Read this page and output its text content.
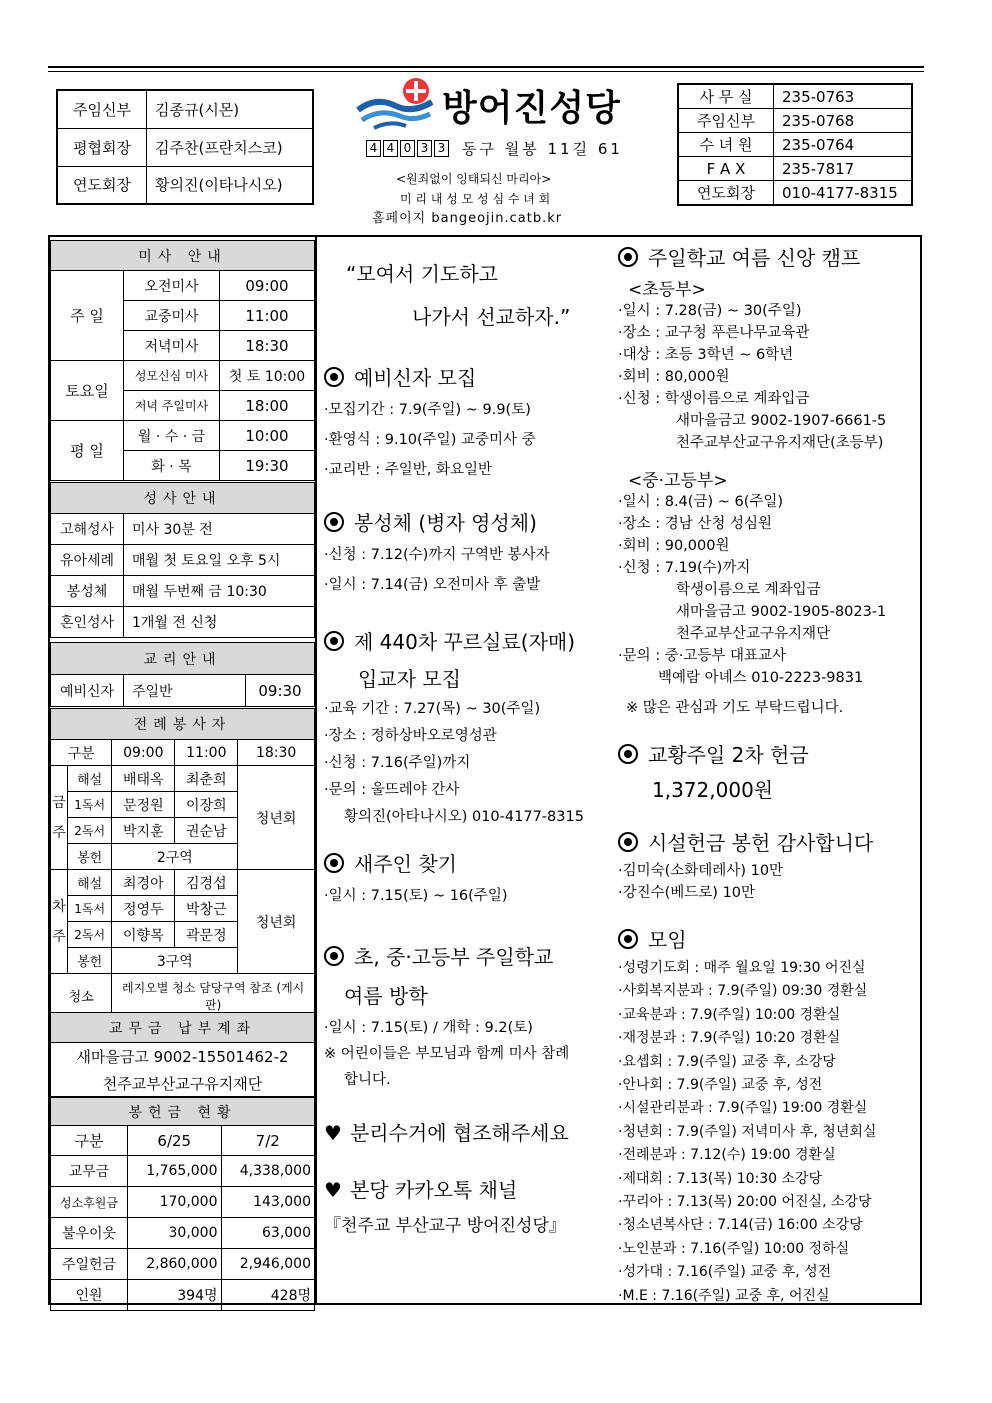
주임신부	김종규(시몬)
평협회장	김주찬(프란치스코)
연도회장	황의진(이타나시오)
방어진성당
4 4 0 3 3 동구 월봉 11길 61
<원죄없이 잉태되신 마리아>
미 리 내 성 모 성 심 수 녀 회
홈페이지 bangeojin.catb.kr
사 무 실	235-0763
주임신부	235-0768
수 녀 원	235-0764
F A X	235-7817
연도회장	010-4177-8315
미사 안내		
주 일	오전미사	09:00
	교중미사	11:00
	저녁미사	18:30
토요일	성모신심 미사	첫 토 10:00
	저녁 주일미사	18:00
평 일	월 · 수 · 금	10:00
	화 · 목	19:30
성사안내	
고해성사	미사 30분 전
유아세례	매월 첫 토요일 오후 5시
봉성체	매월 두번째 금 10:30
혼인성사	1개월 전 신청
교리안내
예비신자	주일반	09:30
전례봉사자				
구분		09:00	11:00	18:30

금
주	해설	배태옥	최춘희	청년회
	1독서	문정원	이장희	
	2독서	박지훈	권순남	
	봉헌	2구역		

차
주	해설	최경아	김경섭	청년회
	1독서	정영두	박창근	
	2독서	이향목	곽문정	
	봉헌	3구역		
청소		레지오별 청소 담당구역 참조 (게시판)		
교무금 납부계좌
새마을금고 9002-15501462-2
천주교부산교구유지재단
봉헌금 현황		
구분	6/25	7/2
교무금	1,765,000	4,338,000
성소후원금	170,000	143,000
불우이웃	30,000	63,000
주일헌금	2,860,000	2,946,000
인원	394명	428명
“모여서 기도하고
나가서 선교하자.”
예비신자 모집
·모집기간 : 7.9(주일) ~ 9.9(토)
·환영식 : 9.10(주일) 교중미사 중
·교리반 : 주일반, 화요일반
봉성체 (병자 영성체)
·신청 : 7.12(수)까지 구역반 봉사자
·일시 : 7.14(금) 오전미사 후 출발
제 440차 꾸르실료(자매)
입교자 모집
·교육 기간 : 7.27(목) ~ 30(주일)
·장소 : 정하상바오로영성관
·신청 : 7.16(주일)까지
·문의 : 울뜨레야 간사
황의진(아타나시오) 010-4177-8315
새주인 찾기
·일시 : 7.15(토) ~ 16(주일)
초, 중·고등부 주일학교
여름 방학
·일시 : 7.15(토) / 개학 : 9.2(토)
※ 어린이들은 부모님과 함께 미사 참례
합니다.
♥ 분리수거에 협조해주세요
♥ 본당 카카오톡 채널
『천주교 부산교구 방어진성당』
주일학교 여름 신앙 캠프
<초등부>
·일시 : 7.28(금) ~ 30(주일)
·장소 : 교구청 푸른나무교육관
·대상 : 초등 3학년 ~ 6학년
·회비 : 80,000원
·신청 : 학생이름으로 계좌입금
새마을금고 9002-1907-6661-5
천주교부산교구유지재단(초등부)
<중·고등부>
·일시 : 8.4(금) ~ 6(주일)
·장소 : 경남 산청 성심원
·회비 : 90,000원
·신청 : 7.19(수)까지
학생이름으로 계좌입금
새마을금고 9002-1905-8023-1
천주교부산교구유지재단
·문의 : 중·고등부 대표교사
백예람 아녜스 010-2223-9831
※ 많은 관심과 기도 부탁드립니다.
교황주일 2차 헌금
1,372,000원
시설헌금 봉헌 감사합니다
·김미숙(소화데레사) 10만
·강진수(베드로) 10만
모임
·성령기도회 : 매주 월요일 19:30 어진실
·사회복지분과 : 7.9(주일) 09:30 경환실
·교육분과 : 7.9(주일) 10:00 경환실
·재정분과 : 7.9(주일) 10:20 경환실
·요셉회 : 7.9(주일) 교중 후, 소강당
·안나회 : 7.9(주일) 교중 후, 성전
·시설관리분과 : 7.9(주일) 19:00 경환실
·청년회 : 7.9(주일) 저녁미사 후, 청년회실
·전례분과 : 7.12(수) 19:00 경환실
·제대회 : 7.13(목) 10:30 소강당
·꾸리아 : 7.13(목) 20:00 어진실, 소강당
·청소년복사단 : 7.14(금) 16:00 소강당
·노인분과 : 7.16(주일) 10:00 정하실
·성가대 : 7.16(주일) 교중 후, 성전
·M.E : 7.16(주일) 교중 후, 어진실
